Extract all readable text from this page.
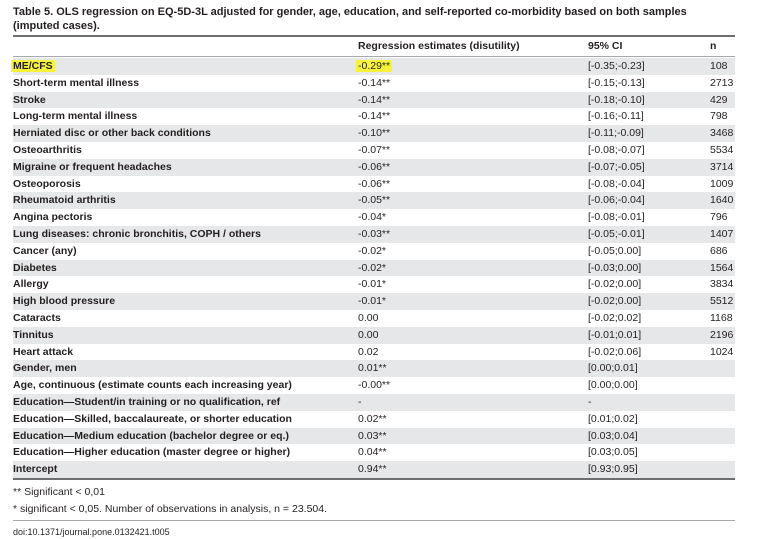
Table 5. OLS regression on EQ-5D-3L adjusted for gender, age, education, and self-reported co-morbidity based on both samples (imputed cases).
Regression estimates (disutility)	95% CI	n
ME/CFS	-0.29**	[-0.35;-0.23]	108
Short-term mental illness	-0.14**	[-0.15;-0.13]	2713
Stroke	-0.14**	[-0.18;-0.10]	429
Long-term mental illness	-0.14**	[-0.16;-0.11]	798
Herniated disc or other back conditions	-0.10**	[-0.11;-0.09]	3468
Osteoarthritis	-0.07**	[-0.08;-0.07]	5534
Migraine or frequent headaches	-0.06**	[-0.07;-0.05]	3714
Osteoporosis	-0.06**	[-0.08;-0.04]	1009
Rheumatoid arthritis	-0.05**	[-0.06;-0.04]	1640
Angina pectoris	-0.04*	[-0.08;-0.01]	796
Lung diseases: chronic bronchitis, COPH / others	-0.03**	[-0.05;-0.01]	1407
Cancer (any)	-0.02*	[-0.05;0.00]	686
Diabetes	-0.02*	[-0.03;0.00]	1564
Allergy	-0.01*	[-0.02;0.00]	3834
High blood pressure	-0.01*	[-0.02;0.00]	5512
Cataracts	0.00	[-0.02;0.02]	1168
Tinnitus	0.00	[-0.01;0.01]	2196
Heart attack	0.02	[-0.02;0.06]	1024
Gender, men	0.01**	[0.00;0.01]
Age, continuous (estimate counts each increasing year)	-0.00**	[0.00;0.00]
Education—Student/in training or no qualification, ref	-	-
Education—Skilled, baccalaureate, or shorter education	0.02**	[0.01;0.02]
Education—Medium education (bachelor degree or eq.)	0.03**	[0.03;0.04]
Education—Higher education (master degree or higher)	0.04**	[0.03;0.05]
Intercept	0.94**	[0.93;0.95]
** Significant < 0,01
* significant < 0,05. Number of observations in analysis, n = 23.504.
doi:10.1371/journal.pone.0132421.t005
